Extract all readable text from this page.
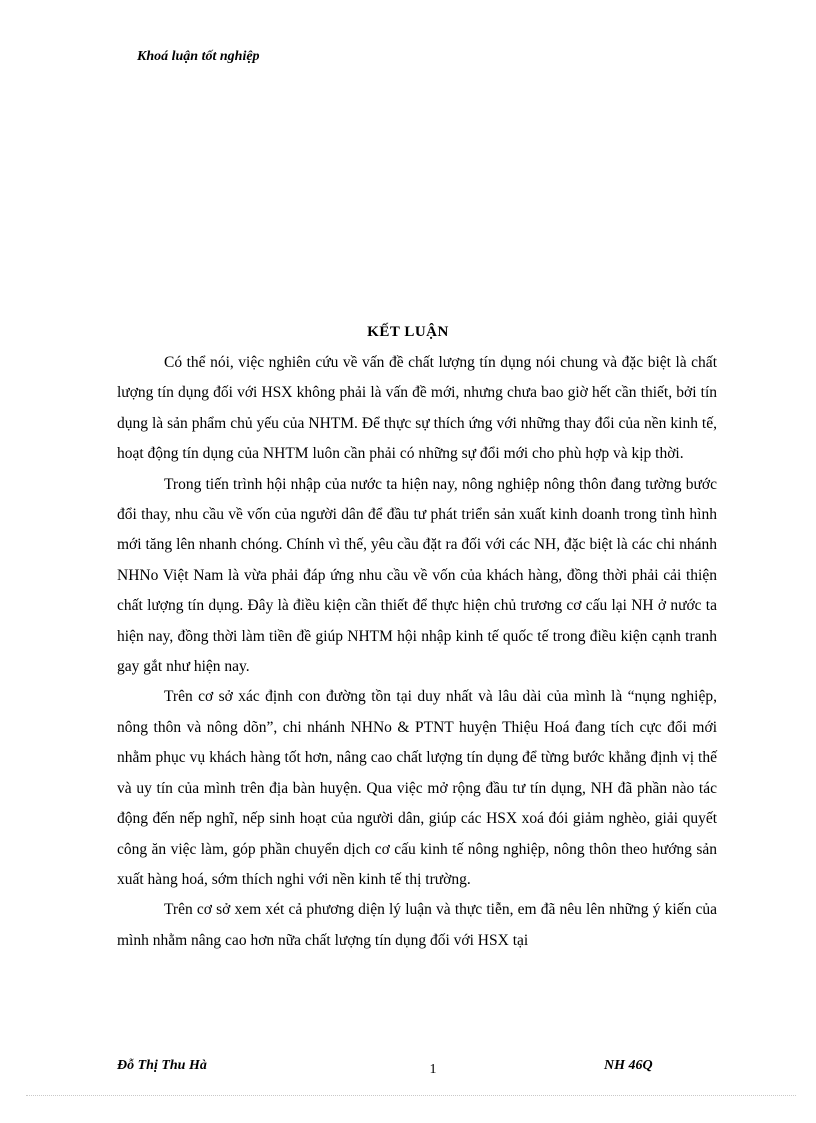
Khoá luận tốt nghiệp
KẾT LUẬN

Có thể nói, việc nghiên cứu về vấn đề chất lượng tín dụng nói chung và đặc biệt là chất lượng tín dụng đối với HSX không phải là vấn đề mới, nhưng chưa bao giờ hết cần thiết, bởi tín dụng là sản phẩm chủ yếu của NHTM. Để thực sự thích ứng với những thay đổi của nền kinh tế, hoạt động tín dụng của NHTM luôn cần phải có những sự đổi mới cho phù hợp và kịp thời.

Trong tiến trình hội nhập của nước ta hiện nay, nông nghiệp nông thôn đang tường bước đổi thay, nhu cầu về vốn của người dân để đầu tư phát triển sản xuất kinh doanh trong tình hình mới tăng lên nhanh chóng. Chính vì thế, yêu cầu đặt ra đối với các NH, đặc biệt là các chi nhánh NHNo Việt Nam là vừa phải đáp ứng nhu cầu về vốn của khách hàng, đồng thời phải cải thiện chất lượng tín dụng. Đây là điều kiện cần thiết để thực hiện chủ trương cơ cấu lại NH ở nước ta hiện nay, đồng thời làm tiền đề giúp NHTM hội nhập kinh tế quốc tế trong điều kiện cạnh tranh gay gắt như hiện nay.

Trên cơ sở xác định con đường tồn tại duy nhất và lâu dài của mình là “nụng nghiệp, nông thôn và nông dõn”, chi nhánh NHNo & PTNT huyện Thiệu Hoá đang tích cực đổi mới nhằm phục vụ khách hàng tốt hơn, nâng cao chất lượng tín dụng để từng bước khẳng định vị thế và uy tín của mình trên địa bàn huyện. Qua việc mở rộng đầu tư tín dụng, NH đã phần nào tác động đến nếp nghĩ, nếp sinh hoạt của người dân, giúp các HSX xoá đói giảm nghèo, giải quyết công ăn việc làm, góp phần chuyển dịch cơ cấu kinh tế nông nghiệp, nông thôn theo hướng sản xuất hàng hoá, sớm thích nghi với nền kinh tế thị trường.

Trên cơ sở xem xét cả phương diện lý luận và thực tiễn, em đã nêu lên những ý kiến của mình nhằm nâng cao hơn nữa chất lượng tín dụng đối với HSX tại

Đỗ Thị Thu Hà	1	NH 46Q
